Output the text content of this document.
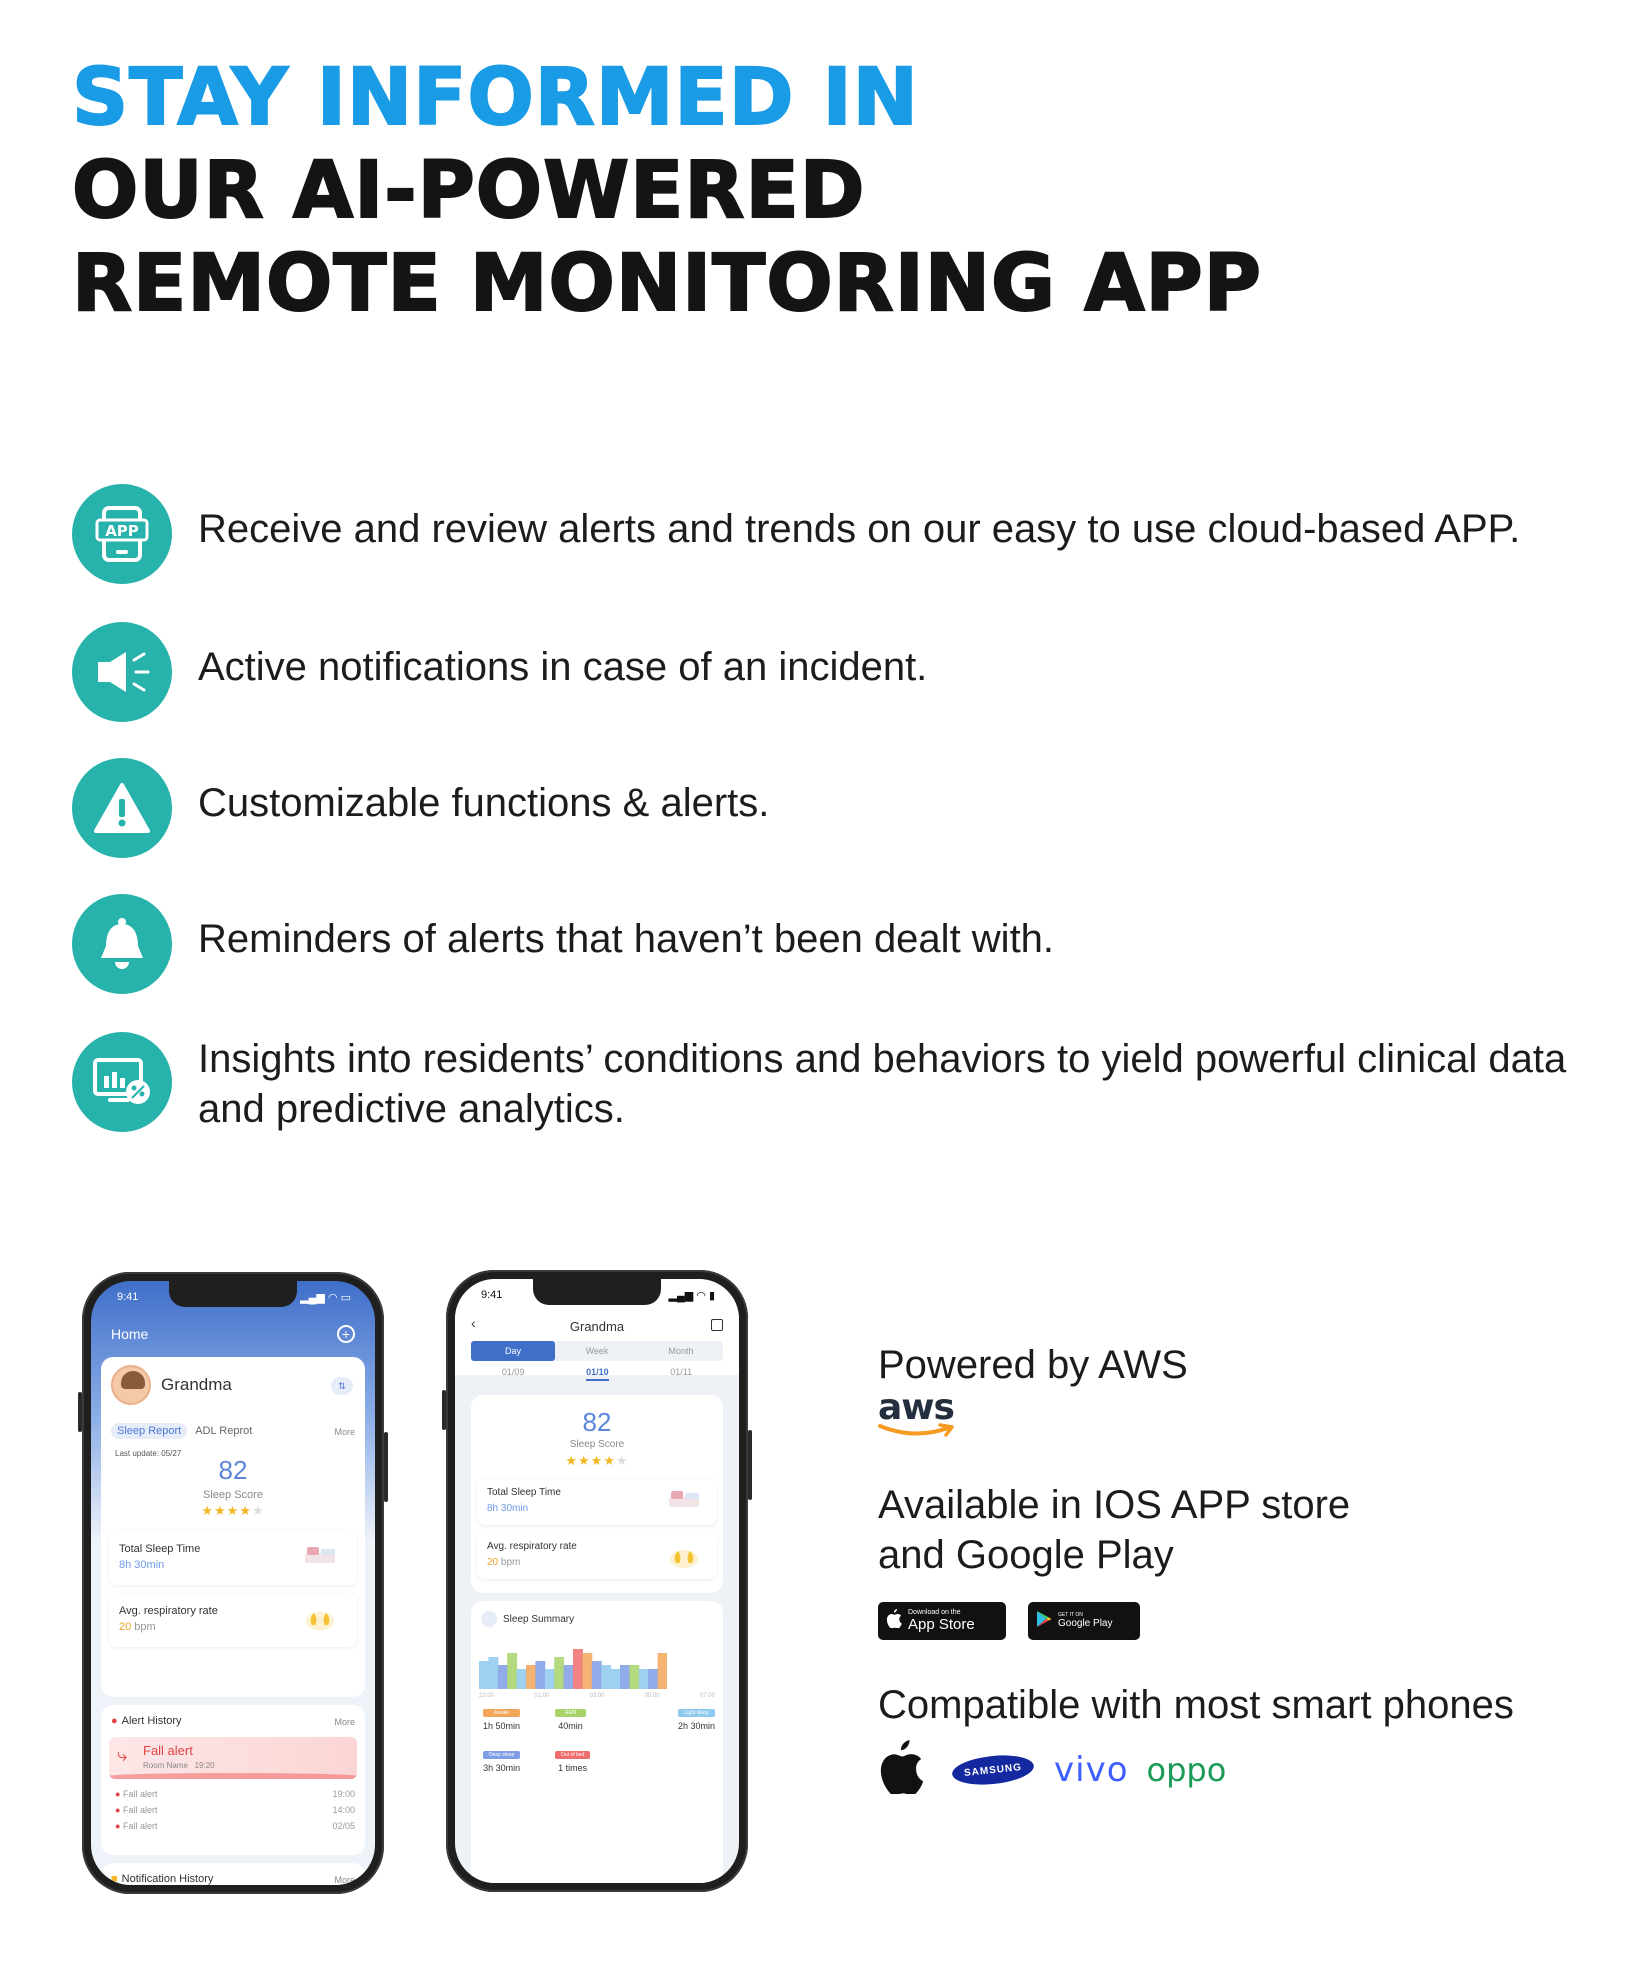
STAY INFORMED IN
OUR AI-POWERED
REMOTE MONITORING APP
APP Receive and review alerts and trends on our easy to use cloud-based APP.
Active notifications in case of an incident.
Customizable functions & alerts.
Reminders of alerts that haven’t been dealt with.
Insights into residents’ conditions and behaviors to yield powerful clinical data and predictive analytics.
9:41	▂▄▆ ◠ ▭
Home	+
Grandma	⇅
Sleep Report	ADL Reprot	More
Last update: 05/27
82
Sleep Score
★★★★★
Total Sleep Time
8h 30min
Avg. respiratory rate
20 bpm
● Alert History	More
⤷ Fall alert
Room Name 19:20
● Fall alert	19:00
● Fall alert	14:00
● Fall alert	02/05
■ Notification History	More
9:41	▂▄▆ ◠ ▮
‹	Grandma
Day	Week	Month
01/09	01/10	01/11
82
Sleep Score
★★★★★
Total Sleep Time
8h 30min
Avg. respiratory rate
20 bpm
Sleep Summary
23:00	01:00	03:00	05:00	07:00
Awake
1h 50min
REM
40min
Light sleep
2h 30min
Deep sleep
3h 30min
Out of bed
1 times
Powered by AWS
aws
Available in IOS APP store
and Google Play
Download on the
App Store
GET IT ON
Google Play
Compatible with most smart phones
SAMSUNG vivo oppo
